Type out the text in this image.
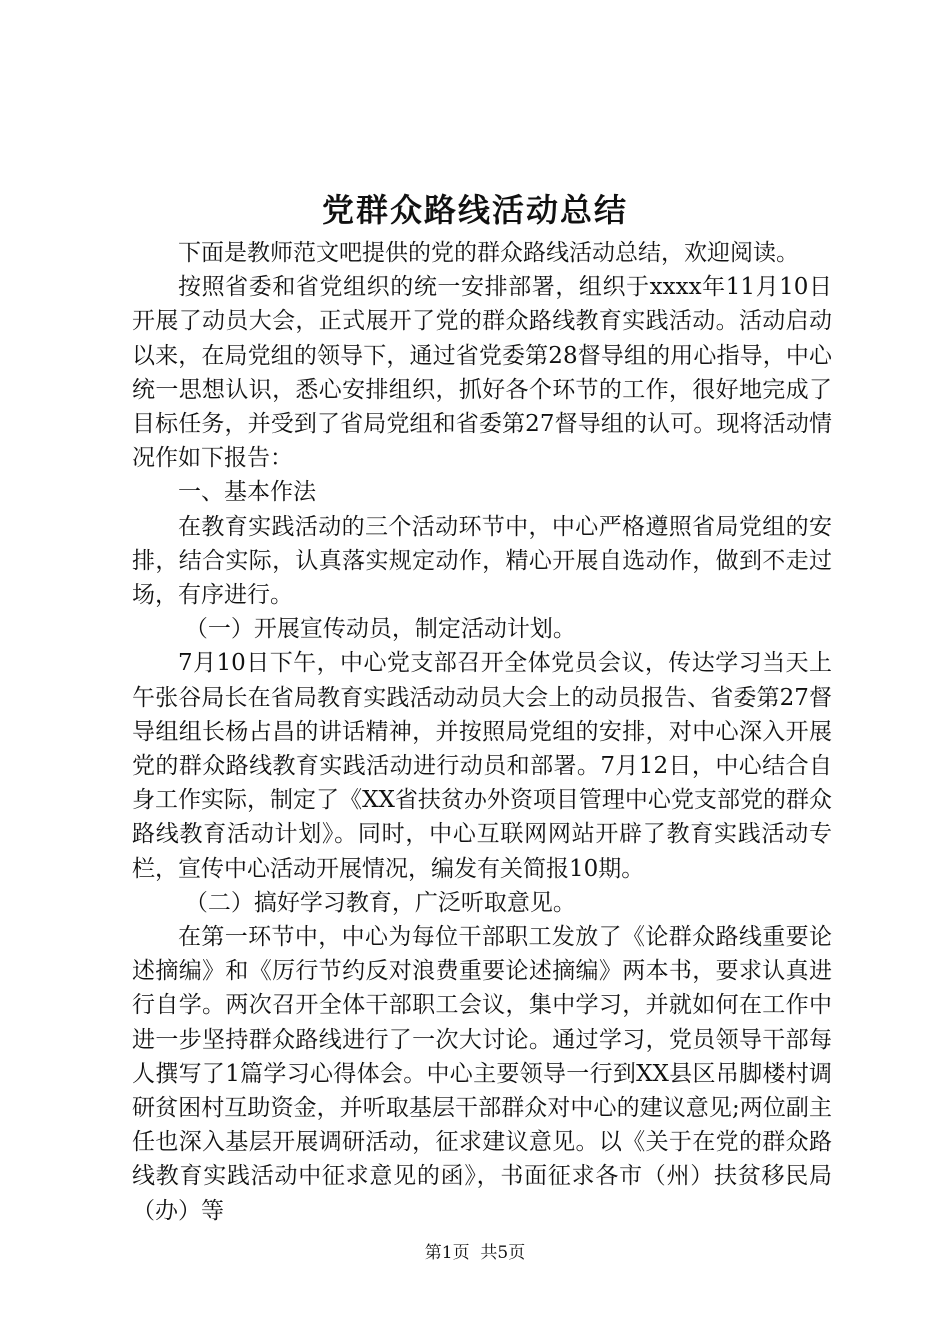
党群众路线活动总结

下面是教师范文吧提供的党的群众路线活动总结，欢迎阅读。

按照省委和省党组织的统一安排部署，组织于xxxx年11月10日开展了动员大会，正式展开了党的群众路线教育实践活动。活动启动以来，在局党组的领导下，通过省党委第28督导组的用心指导，中心统一思想认识，悉心安排组织，抓好各个环节的工作，很好地完成了目标任务，并受到了省局党组和省委第27督导组的认可。现将活动情况作如下报告：

一、基本作法

在教育实践活动的三个活动环节中，中心严格遵照省局党组的安排，结合实际，认真落实规定动作，精心开展自选动作，做到不走过场，有序进行。

（一）开展宣传动员，制定活动计划。

7月10日下午，中心党支部召开全体党员会议，传达学习当天上午张谷局长在省局教育实践活动动员大会上的动员报告、省委第27督导组组长杨占昌的讲话精神，并按照局党组的安排，对中心深入开展党的群众路线教育实践活动进行动员和部署。7月12日，中心结合自身工作实际，制定了《XX省扶贫办外资项目管理中心党支部党的群众路线教育活动计划》。同时，中心互联网网站开辟了教育实践活动专栏，宣传中心活动开展情况，编发有关简报10期。

（二）搞好学习教育，广泛听取意见。

在第一环节中，中心为每位干部职工发放了《论群众路线重要论述摘编》和《厉行节约反对浪费重要论述摘编》两本书，要求认真进行自学。两次召开全体干部职工会议，集中学习，并就如何在工作中进一步坚持群众路线进行了一次大讨论。通过学习，党员领导干部每人撰写了1篇学习心得体会。中心主要领导一行到XX县区吊脚楼村调研贫困村互助资金，并听取基层干部群众对中心的建议意见;两位副主任也深入基层开展调研活动，征求建议意见。以《关于在党的群众路线教育实践活动中征求意见的函》，书面征求各市（州）扶贫移民局（办）等

第1页 共5页
